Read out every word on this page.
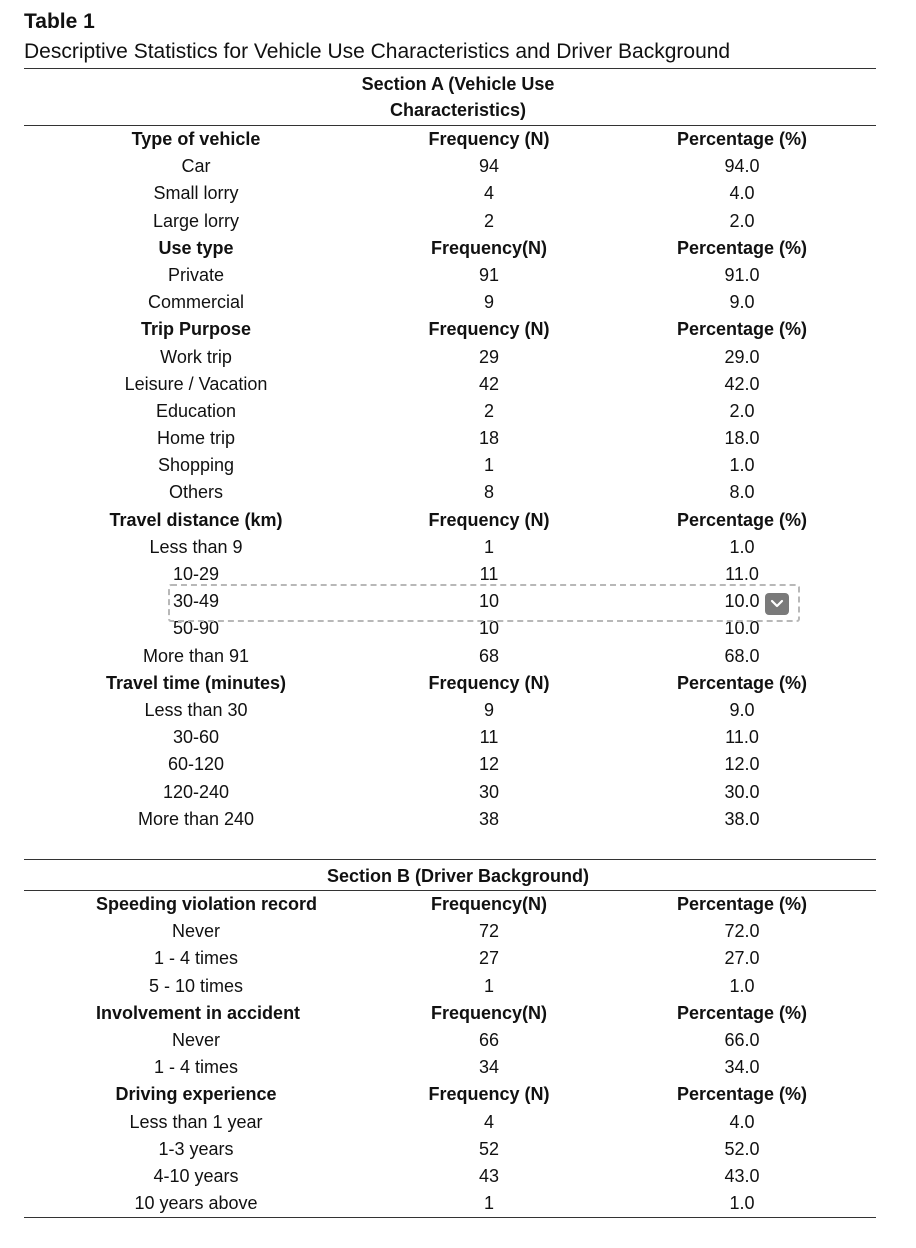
Table 1
Descriptive Statistics for Vehicle Use Characteristics and Driver Background
Section A (Vehicle Use
Characteristics)
Type of vehicle	Frequency (N)	Percentage (%)
Car	94	94.0
Small lorry	4	4.0
Large lorry	2	2.0
Use type	Frequency(N)	Percentage (%)
Private	91	91.0
Commercial	9	9.0
Trip Purpose	Frequency (N)	Percentage (%)
Work trip	29	29.0
Leisure / Vacation	42	42.0
Education	2	2.0
Home trip	18	18.0
Shopping	1	1.0
Others	8	8.0
Travel distance (km)	Frequency (N)	Percentage (%)
Less than 9	1	1.0
10-29	11	11.0
30-49	10	10.0
50-90	10	10.0
More than 91	68	68.0
Travel time (minutes)	Frequency (N)	Percentage (%)
Less than 30	9	9.0
30-60	11	11.0
60-120	12	12.0
120-240	30	30.0
More than 240	38	38.0
Section B (Driver Background)
Speeding violation record	Frequency(N)	Percentage (%)
Never	72	72.0
1 - 4 times	27	27.0
5 - 10 times	1	1.0
Involvement in accident	Frequency(N)	Percentage (%)
Never	66	66.0
1 - 4 times	34	34.0
Driving experience	Frequency (N)	Percentage (%)
Less than 1 year	4	4.0
1-3 years	52	52.0
4-10 years	43	43.0
10 years above	1	1.0
